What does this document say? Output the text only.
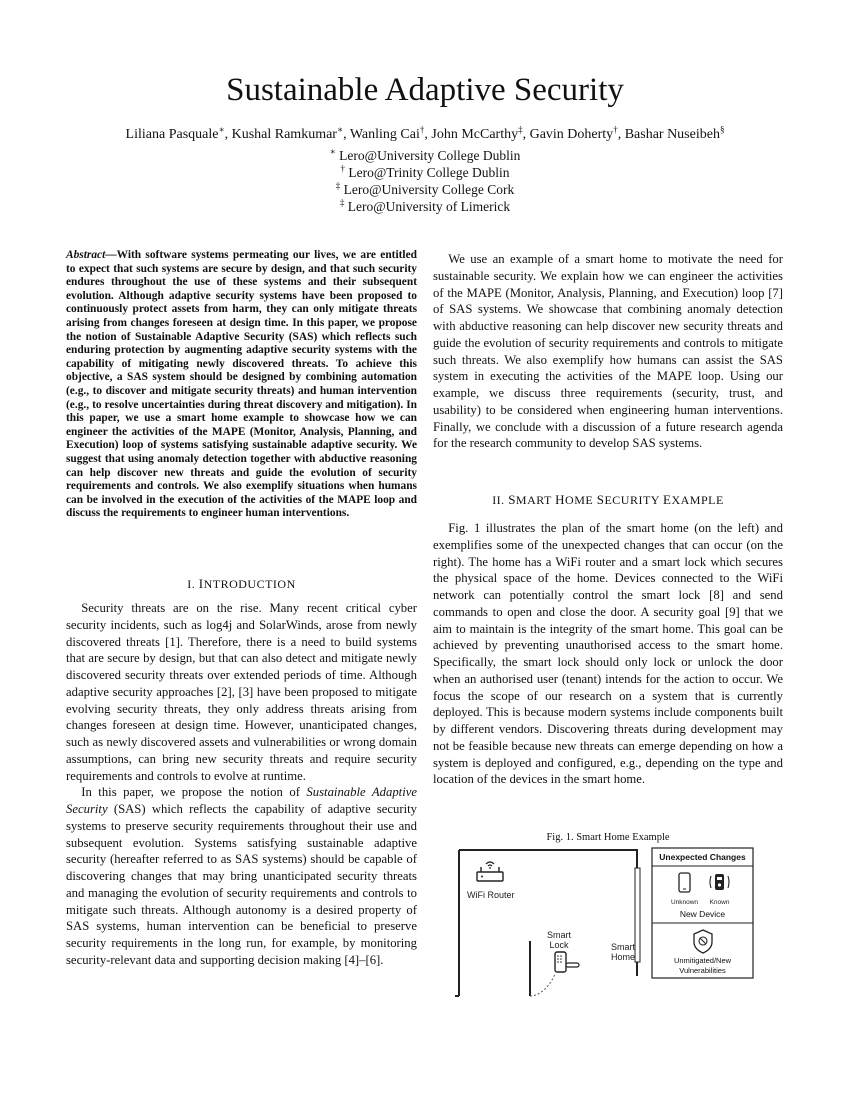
Sustainable Adaptive Security
Liliana Pasquale∗, Kushal Ramkumar∗, Wanling Cai†, John McCarthy‡, Gavin Doherty†, Bashar Nuseibeh§
∗ Lero@University College Dublin
† Lero@Trinity College Dublin
‡ Lero@University College Cork
‡ Lero@University of Limerick
Abstract—With software systems permeating our lives, we are entitled to expect that such systems are secure by design, and that such security endures throughout the use of these systems and their subsequent evolution. Although adaptive security systems have been proposed to continuously protect assets from harm, they can only mitigate threats arising from changes foreseen at design time. In this paper, we propose the notion of Sustainable Adaptive Security (SAS) which reflects such enduring protection by augmenting adaptive security systems with the capability of mitigating newly discovered threats. To achieve this objective, a SAS system should be designed by combining automation (e.g., to discover and mitigate security threats) and human intervention (e.g., to resolve uncertainties during threat discovery and mitigation). In this paper, we use a smart home example to showcase how we can engineer the activities of the MAPE (Monitor, Analysis, Planning, and Execution) loop of systems satisfying sustainable adaptive security. We suggest that using anomaly detection together with abductive reasoning can help discover new threats and guide the evolution of security requirements and controls. We also exemplify situations when humans can be involved in the execution of the activities of the MAPE loop and discuss the requirements to engineer human interventions.
I. INTRODUCTION

Security threats are on the rise. Many recent critical cyber security incidents, such as log4j and SolarWinds, arose from newly discovered threats [1]. Therefore, there is a need to build systems that are secure by design, but that can also detect and mitigate newly discovered security threats over extended periods of time. Although adaptive security approaches [2], [3] have been proposed to mitigate evolving security threats, they only address threats arising from changes foreseen at design time. However, unanticipated changes, such as newly discovered assets and vulnerabilities or wrong domain assumptions, can bring new security threats and require security requirements and controls to evolve at runtime.

In this paper, we propose the notion of Sustainable Adaptive Security (SAS) which reflects the capability of adaptive security systems to preserve security requirements throughout their use and subsequent evolution. Systems satisfying sustainable adaptive security (hereafter referred to as SAS systems) should be capable of discovering changes that may bring unanticipated security threats and managing the evolution of security requirements and controls to mitigate such threats. Although autonomy is a desired property of SAS systems, human intervention can be beneficial to preserve security requirements in the long run, for example, by monitoring security-relevant data and supporting decision making [4]–[6].

We use an example of a smart home to motivate the need for sustainable security. We explain how we can engineer the activities of the MAPE (Monitor, Analysis, Planning, and Execution) loop [7] of SAS systems. We showcase that combining anomaly detection with abductive reasoning can help discover new security threats and guide the evolution of security requirements and controls to mitigate such threats. We also exemplify how humans can assist the SAS system in executing the activities of the MAPE loop. Using our example, we discuss three requirements (security, trust, and usability) to be considered when engineering human interventions. Finally, we conclude with a discussion of a future research agenda for the research community to develop SAS systems.

II. SMART HOME SECURITY EXAMPLE

Fig. 1 illustrates the plan of the smart home (on the left) and exemplifies some of the unexpected changes that can occur (on the right). The home has a WiFi router and a smart lock which secures the physical space of the home. Devices connected to the WiFi network can potentially control the smart lock [8] and send commands to open and close the door. A security goal [9] that we aim to maintain is the integrity of the smart home. This goal can be achieved by preventing unauthorised access to the smart home. Specifically, the smart lock should only lock or unlock the door when an authorised user (tenant) intends for the action to occur. We focus the scope of our research on a system that is currently deployed. This is because modern systems include components built by different vendors. Discovering threats during development may not be feasible because new threats can emerge depending on how a system is deployed and configured, e.g., depending on the type and location of the devices in the smart home.

Fig. 1. Smart Home Example
WiFi Router
Smart
Lock	Smart
Home
Unexpected Changes
Unknown Known
New Device
Unmitigated/New
Vulnerabilities
